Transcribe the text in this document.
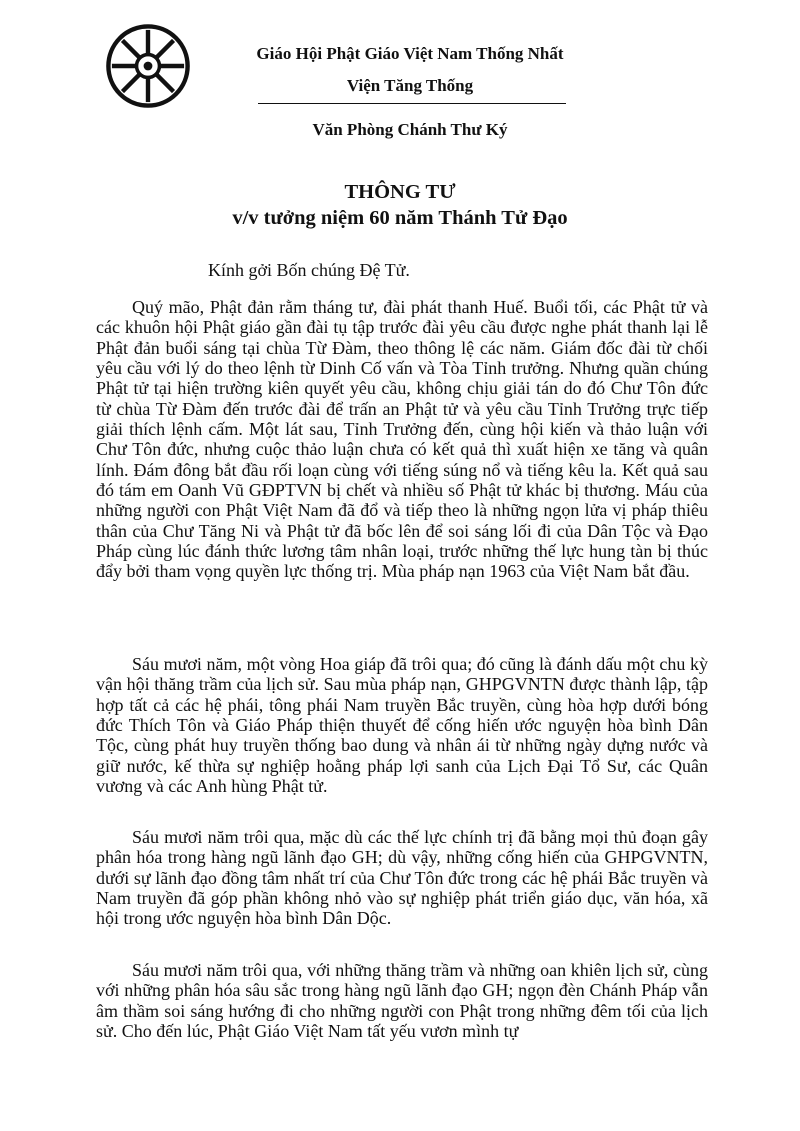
Giáo Hội Phật Giáo Việt Nam Thống Nhất
Viện Tăng Thống
Văn Phòng Chánh Thư Ký
THÔNG TƯ
v/v tưởng niệm 60 năm Thánh Tử Đạo
Kính gởi Bốn chúng Đệ Tử.

Quý mão, Phật đản rằm tháng tư, đài phát thanh Huế. Buổi tối, các Phật tử và các khuôn hội Phật giáo gần đài tụ tập trước đài yêu cầu được nghe phát thanh lại lễ Phật đản buổi sáng tại chùa Từ Đàm, theo thông lệ các năm. Giám đốc đài từ chối yêu cầu với lý do theo lệnh từ Dinh Cố vấn và Tòa Tỉnh trưởng. Nhưng quần chúng Phật tử tại hiện trường kiên quyết yêu cầu, không chịu giải tán do đó Chư Tôn đức từ chùa Từ Đàm đến trước đài để trấn an Phật tử và yêu cầu Tỉnh Trưởng trực tiếp giải thích lệnh cấm. Một lát sau, Tỉnh Trưởng đến, cùng hội kiến và thảo luận với Chư Tôn đức, nhưng cuộc thảo luận chưa có kết quả thì xuất hiện xe tăng và quân lính. Đám đông bắt đầu rối loạn cùng với tiếng súng nổ và tiếng kêu la. Kết quả sau đó tám em Oanh Vũ GĐPTVN bị chết và nhiều số Phật tử khác bị thương. Máu của những người con Phật Việt Nam đã đổ và tiếp theo là những ngọn lửa vị pháp thiêu thân của Chư Tăng Ni và Phật tử đã bốc lên để soi sáng lối đi của Dân Tộc và Đạo Pháp cùng lúc đánh thức lương tâm nhân loại, trước những thế lực hung tàn bị thúc đẩy bởi tham vọng quyền lực thống trị. Mùa pháp nạn 1963 của Việt Nam bắt đầu.

Sáu mươi năm, một vòng Hoa giáp đã trôi qua; đó cũng là đánh dấu một chu kỳ vận hội thăng trầm của lịch sử. Sau mùa pháp nạn, GHPGVNTN được thành lập, tập hợp tất cả các hệ phái, tông phái Nam truyền Bắc truyền, cùng hòa hợp dưới bóng đức Thích Tôn và Giáo Pháp thiện thuyết để cống hiến ước nguyện hòa bình Dân Tộc, cùng phát huy truyền thống bao dung và nhân ái từ những ngày dựng nước và giữ nước, kế thừa sự nghiệp hoằng pháp lợi sanh của Lịch Đại Tổ Sư, các Quân vương và các Anh hùng Phật tử.

Sáu mươi năm trôi qua, mặc dù các thế lực chính trị đã bằng mọi thủ đoạn gây phân hóa trong hàng ngũ lãnh đạo GH; dù vậy, những cống hiến của GHPGVNTN, dưới sự lãnh đạo đồng tâm nhất trí của Chư Tôn đức trong các hệ phái Bắc truyền và Nam truyền đã góp phần không nhỏ vào sự nghiệp phát triển giáo dục, văn hóa, xã hội trong ước nguyện hòa bình Dân Dộc.

Sáu mươi năm trôi qua, với những thăng trầm và những oan khiên lịch sử, cùng với những phân hóa sâu sắc trong hàng ngũ lãnh đạo GH; ngọn đèn Chánh Pháp vẫn âm thầm soi sáng hướng đi cho những người con Phật trong những đêm tối của lịch sử. Cho đến lúc, Phật Giáo Việt Nam tất yếu vươn mình tự
